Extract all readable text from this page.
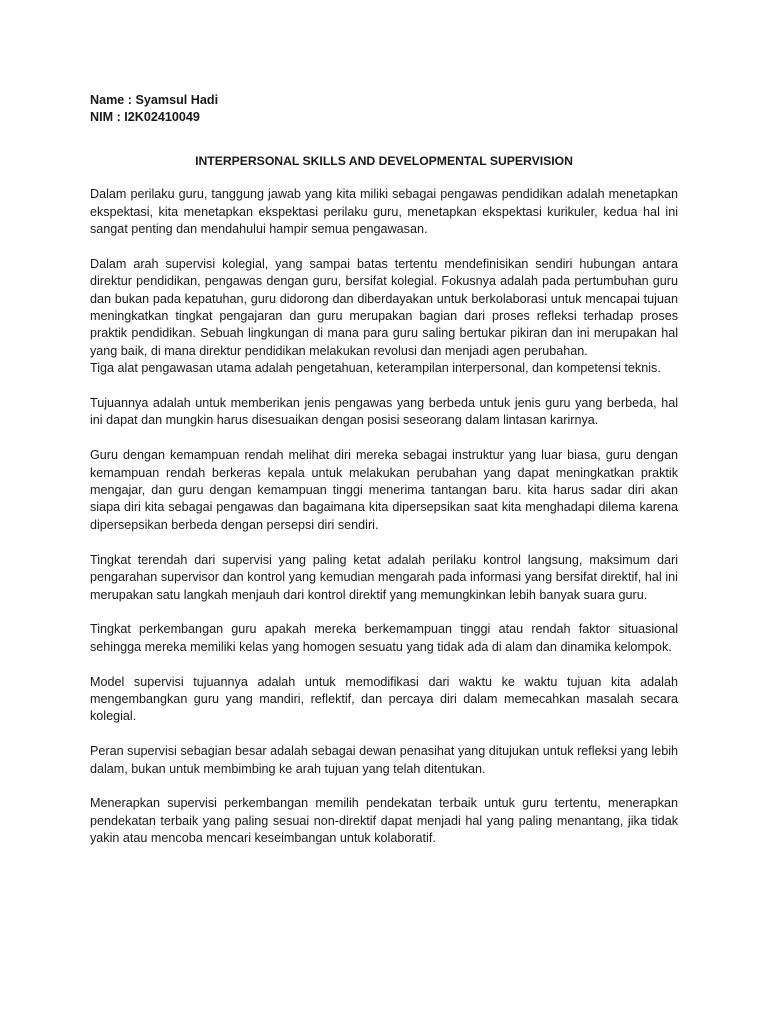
Name : Syamsul Hadi

NIM : I2K02410049

INTERPERSONAL SKILLS AND DEVELOPMENTAL SUPERVISION

Dalam perilaku guru, tanggung jawab yang kita miliki sebagai pengawas pendidikan adalah menetapkan ekspektasi, kita menetapkan ekspektasi perilaku guru, menetapkan ekspektasi kurikuler, kedua hal ini sangat penting dan mendahului hampir semua pengawasan.

Dalam arah supervisi kolegial, yang sampai batas tertentu mendefinisikan sendiri hubungan antara direktur pendidikan, pengawas dengan guru, bersifat kolegial. Fokusnya adalah pada pertumbuhan guru dan bukan pada kepatuhan, guru didorong dan diberdayakan untuk berkolaborasi untuk mencapai tujuan meningkatkan tingkat pengajaran dan guru merupakan bagian dari proses refleksi terhadap proses praktik pendidikan. Sebuah lingkungan di mana para guru saling bertukar pikiran dan ini merupakan hal yang baik, di mana direktur pendidikan melakukan revolusi dan menjadi agen perubahan.

Tiga alat pengawasan utama adalah pengetahuan, keterampilan interpersonal, dan kompetensi teknis.

Tujuannya adalah untuk memberikan jenis pengawas yang berbeda untuk jenis guru yang berbeda, hal ini dapat dan mungkin harus disesuaikan dengan posisi seseorang dalam lintasan karirnya.

Guru dengan kemampuan rendah melihat diri mereka sebagai instruktur yang luar biasa, guru dengan kemampuan rendah berkeras kepala untuk melakukan perubahan yang dapat meningkatkan praktik mengajar, dan guru dengan kemampuan tinggi menerima tantangan baru. kita harus sadar diri akan siapa diri kita sebagai pengawas dan bagaimana kita dipersepsikan saat kita menghadapi dilema karena dipersepsikan berbeda dengan persepsi diri sendiri.

Tingkat terendah dari supervisi yang paling ketat adalah perilaku kontrol langsung, maksimum dari pengarahan supervisor dan kontrol yang kemudian mengarah pada informasi yang bersifat direktif, hal ini merupakan satu langkah menjauh dari kontrol direktif yang memungkinkan lebih banyak suara guru.

Tingkat perkembangan guru apakah mereka berkemampuan tinggi atau rendah faktor situasional sehingga mereka memiliki kelas yang homogen sesuatu yang tidak ada di alam dan dinamika kelompok.

Model supervisi tujuannya adalah untuk memodifikasi dari waktu ke waktu tujuan kita adalah mengembangkan guru yang mandiri, reflektif, dan percaya diri dalam memecahkan masalah secara kolegial.

Peran supervisi sebagian besar adalah sebagai dewan penasihat yang ditujukan untuk refleksi yang lebih dalam, bukan untuk membimbing ke arah tujuan yang telah ditentukan.

Menerapkan supervisi perkembangan memilih pendekatan terbaik untuk guru tertentu, menerapkan pendekatan terbaik yang paling sesuai non-direktif dapat menjadi hal yang paling menantang, jika tidak yakin atau mencoba mencari keseimbangan untuk kolaboratif.
